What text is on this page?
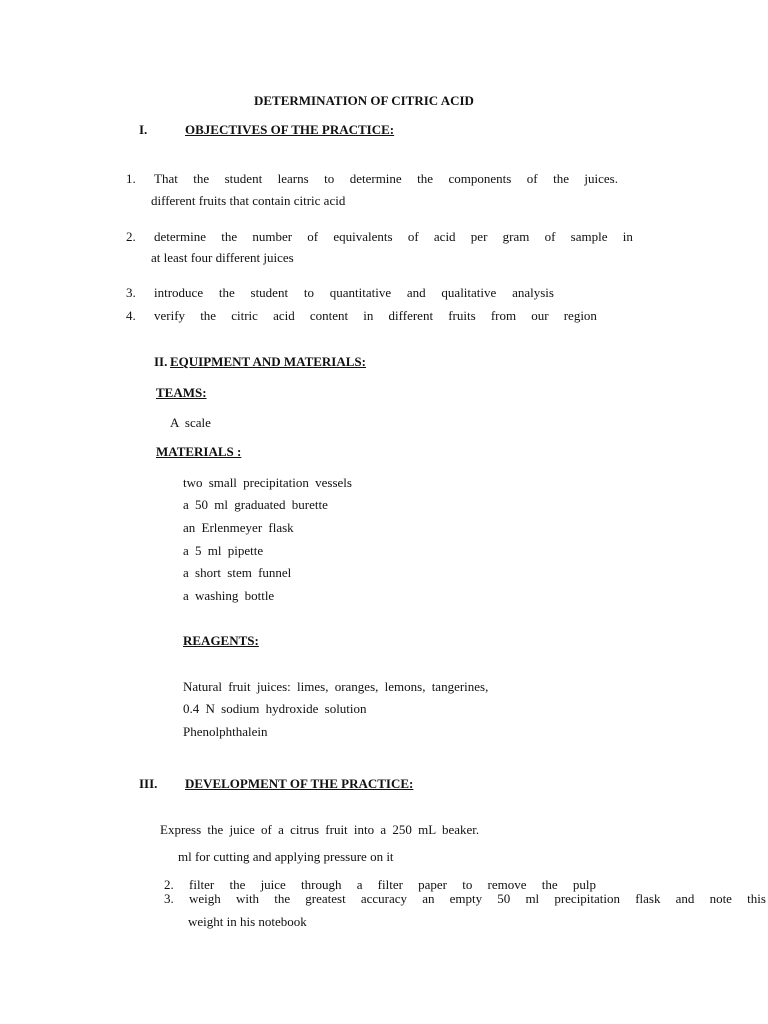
DETERMINATION OF CITRIC ACID
I.	OBJECTIVES OF THE PRACTICE:
1. That the student learns to determine the components of the juices.
different fruits that contain citric acid
2. determine the number of equivalents of acid per gram of sample in
at least four different juices
3. introduce the student to quantitative and qualitative analysis
4. verify the citric acid content in different fruits from our region
II. EQUIPMENT AND MATERIALS:
TEAMS:
A scale
MATERIALS :
two small precipitation vessels
a 50 ml graduated burette
an Erlenmeyer flask
a 5 ml pipette
a short stem funnel
a washing bottle
REAGENTS:
Natural fruit juices: limes, oranges, lemons, tangerines,
0.4 N sodium hydroxide solution
Phenolphthalein
III. DEVELOPMENT OF THE PRACTICE:
Express the juice of a citrus fruit into a 250 mL beaker.
ml for cutting and applying pressure on it
2. filter the juice through a filter paper to remove the pulp
3. weigh with the greatest accuracy an empty 50 ml precipitation flask and note this
weight in his notebook
